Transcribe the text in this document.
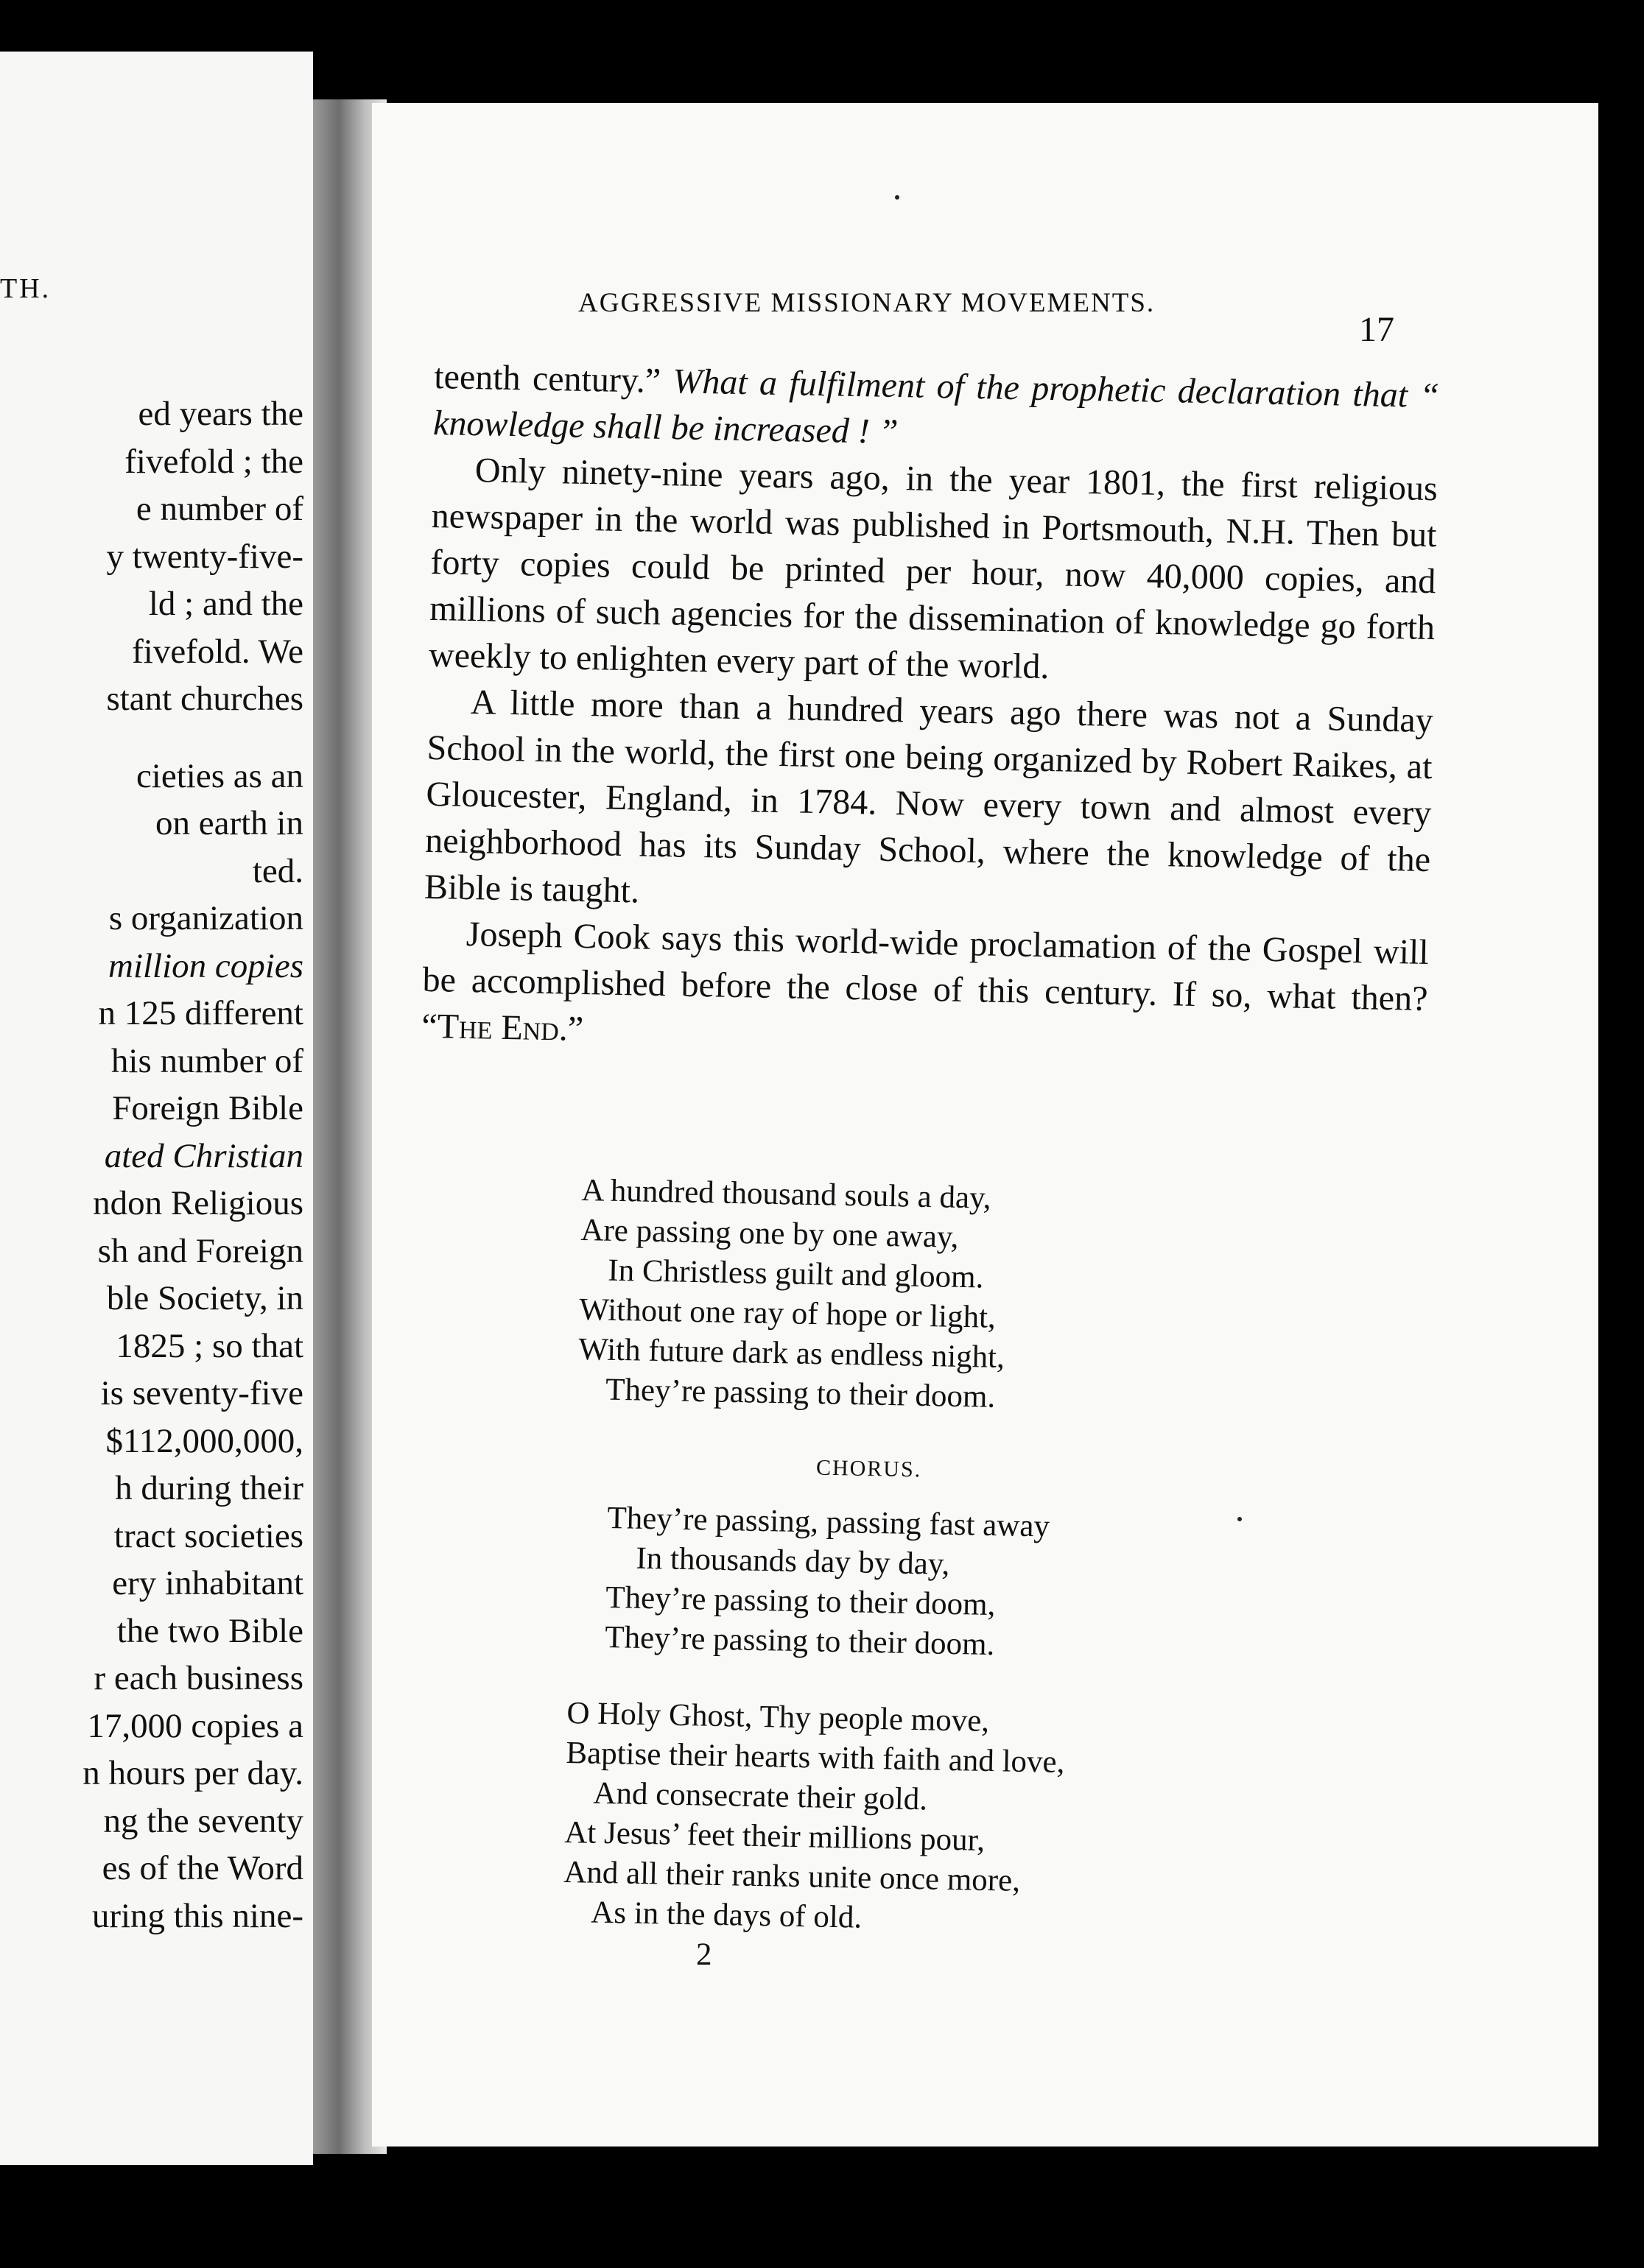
TH.
ed years the
fivefold ; the
e number of
y twenty-five-
ld ; and the
fivefold. We
stant churches
cieties as an
on earth in
ted.
s organization
million copies
n 125 different
his number of
Foreign Bible
ated Christian
ndon Religious
sh and Foreign
ble Society, in
1825 ; so that
is seventy-five
$112,000,000,
h during their
tract societies
ery inhabitant
the two Bible
r each business
17,000 copies a
n hours per day.
ng the seventy
es of the Word
uring this nine-
AGGRESSIVE MISSIONARY MOVEMENTS.
17

teenth century.” What a fulfilment of the prophetic declaration that “ knowledge shall be increased ! ”

Only ninety-nine years ago, in the year 1801, the first religious newspaper in the world was published in Portsmouth, N.H. Then but forty copies could be printed per hour, now 40,000 copies, and millions of such agencies for the dissemination of knowledge go forth weekly to enlighten every part of the world.

A little more than a hundred years ago there was not a Sunday School in the world, the first one being organized by Robert Raikes, at Gloucester, England, in 1784. Now every town and almost every neighborhood has its Sunday School, where the knowledge of the Bible is taught.

Joseph Cook says this world-wide proclamation of the Gospel will be accomplished before the close of this century. If so, what then? “The End.”

A hundred thousand souls a day,
Are passing one by one away,
In Christless guilt and gloom.
Without one ray of hope or light,
With future dark as endless night,
They’re passing to their doom.
CHORUS.
They’re passing, passing fast away
In thousands day by day,
They’re passing to their doom,
They’re passing to their doom.
O Holy Ghost, Thy people move,
Baptise their hearts with faith and love,
And consecrate their gold.
At Jesus’ feet their millions pour,
And all their ranks unite once more,
As in the days of old.
2
